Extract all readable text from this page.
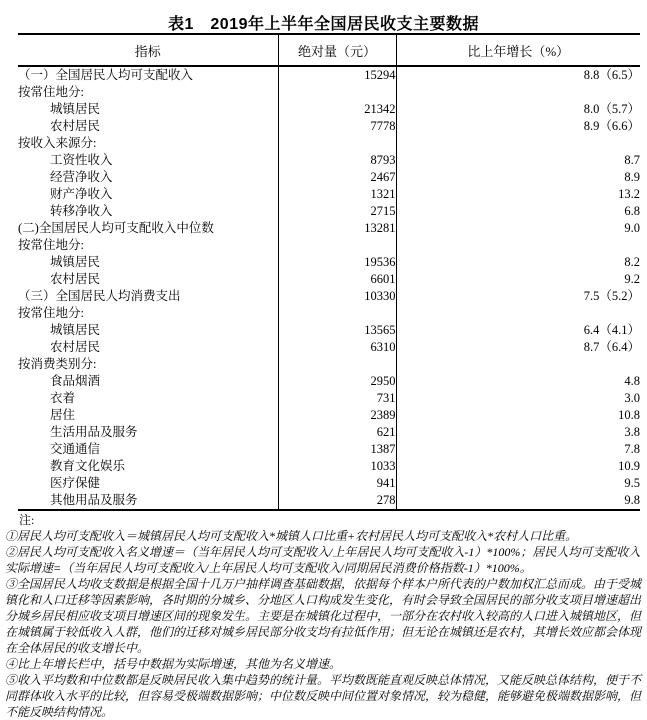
表1　2019年上半年全国居民收支主要数据
指标	绝对量（元）	比上年增长（%）
（一）全国居民人均可支配收入	15294	8.8（6.5）
按常住地分:		
城镇居民	21342	8.0（5.7）
农村居民	7778	8.9（6.6）
按收入来源分:		
工资性收入	8793	8.7
经营净收入	2467	8.9
财产净收入	1321	13.2
转移净收入	2715	6.8
(二)全国居民人均可支配收入中位数	13281	9.0
按常住地分:		
城镇居民	19536	8.2
农村居民	6601	9.2
（三）全国居民人均消费支出	10330	7.5（5.2）
按常住地分:		
城镇居民	13565	6.4（4.1）
农村居民	6310	8.7（6.4）
按消费类别分:		
食品烟酒	2950	4.8
衣着	731	3.0
居住	2389	10.8
生活用品及服务	621	3.8
交通通信	1387	7.8
教育文化娱乐	1033	10.9
医疗保健	941	9.5
其他用品及服务	278	9.8

注:

①居民人均可支配收入＝城镇居民人均可支配收入*城镇人口比重+农村居民人均可支配收入*农村人口比重。

②居民人均可支配收入名义增速＝（当年居民人均可支配收入/上年居民人均可支配收入-1）*100%；居民人均可支配收入实际增速=（当年居民人均可支配收入/上年居民人均可支配收入/同期居民消费价格指数-1）*100%。

③全国居民人均收支数据是根据全国十几万户抽样调查基础数据，依据每个样本户所代表的户数加权汇总而成。由于受城镇化和人口迁移等因素影响，各时期的分城乡、分地区人口构成发生变化，有时会导致全国居民的部分收支项目增速超出分城乡居民相应收支项目增速区间的现象发生。主要是在城镇化过程中，一部分在农村收入较高的人口进入城镇地区，但在城镇属于较低收入人群，他们的迁移对城乡居民部分收支均有拉低作用；但无论在城镇还是农村，其增长效应都会体现在全体居民的收支增长中。

④比上年增长栏中，括号中数据为实际增速，其他为名义增速。

⑤收入平均数和中位数都是反映居民收入集中趋势的统计量。平均数既能直观反映总体情况，又能反映总体结构，便于不同群体收入水平的比较，但容易受极端数据影响；中位数反映中间位置对象情况，较为稳健，能够避免极端数据影响，但不能反映结构情况。
